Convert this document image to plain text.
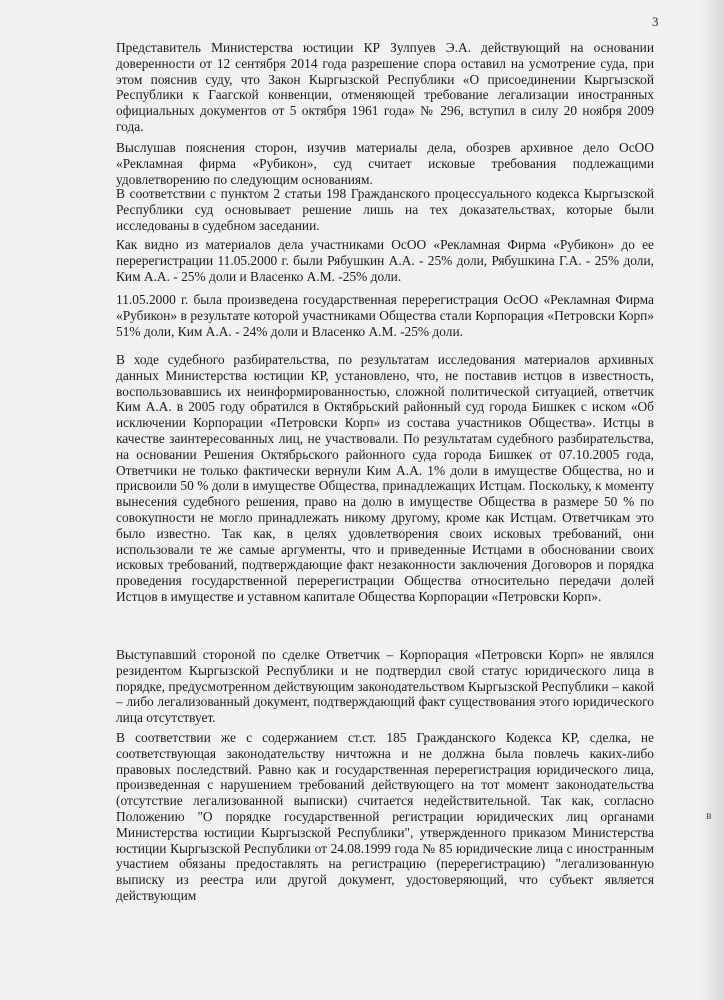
3

Представитель Министерства юстиции КР Зулпуев Э.А. действующий на основании доверенности от 12 сентября 2014 года разрешение спора оставил на усмотрение суда, при этом пояснив суду, что Закон Кыргызской Республики «О присоединении Кыргызской Республики к Гаагской конвенции, отменяющей требование легализации иностранных официальных документов от 5 октября 1961 года» № 296, вступил в силу 20 ноября 2009 года.

Выслушав пояснения сторон, изучив материалы дела, обозрев архивное дело ОсОО «Рекламная фирма «Рубикон», суд считает исковые требования подлежащими удовлетворению по следующим основаниям.

В соответствии с пунктом 2 статьи 198 Гражданского процессуального кодекса Кыргызской Республики суд основывает решение лишь на тех доказательствах, которые были исследованы в судебном заседании.

Как видно из материалов дела участниками ОсОО «Рекламная Фирма «Рубикон» до ее перерегистрации 11.05.2000 г. были Рябушкин А.А. - 25% доли, Рябушкина Г.А. - 25% доли, Ким А.А. - 25% доли и Власенко А.М. -25% доли.

11.05.2000 г. была произведена государственная перерегистрация ОсОО «Рекламная Фирма «Рубикон» в результате которой участниками Общества стали Корпорация «Петровски Корп» 51% доли, Ким А.А. - 24% доли и Власенко А.М. -25% доли.

В ходе судебного разбирательства, по результатам исследования материалов архивных данных Министерства юстиции КР, установлено, что, не поставив истцов в известность, воспользовавшись их неинформированностью, сложной политической ситуацией, ответчик Ким А.А. в 2005 году обратился в Октябрьский районный суд города Бишкек с иском «Об исключении Корпорации «Петровски Корп» из состава участников Общества». Истцы в качестве заинтересованных лиц, не участвовали. По результатам судебного разбирательства, на основании Решения Октябрьского районного суда города Бишкек от 07.10.2005 года, Ответчики не только фактически вернули Ким А.А. 1% доли в имуществе Общества, но и присвоили 50 % доли в имуществе Общества, принадлежащих Истцам. Поскольку, к моменту вынесения судебного решения, право на долю в имуществе Общества в размере 50 % по совокупности не могло принадлежать никому другому, кроме как Истцам. Ответчикам это было известно. Так как, в целях удовлетворения своих исковых требований, они использовали те же самые аргументы, что и приведенные Истцами в обосновании своих исковых требований, подтверждающие факт незаконности заключения Договоров и порядка проведения государственной перерегистрации Общества относительно передачи долей Истцов в имуществе и уставном капитале Общества Корпорации «Петровски Корп».

Выступавший стороной по сделке Ответчик – Корпорация «Петровски Корп» не являлся резидентом Кыргызской Республики и не подтвердил свой статус юридического лица в порядке, предусмотренном действующим законодательством Кыргызской Республики – какой – либо легализованный документ, подтверждающий факт существования этого юридического лица отсутствует.

В соответствии же с содержанием ст.ст. 185 Гражданского Кодекса КР, сделка, не соответствующая законодательству ничтожна и не должна была повлечь каких-либо правовых последствий. Равно как и государственная перерегистрация юридического лица, произведенная с нарушением требований действующего на тот момент законодательства (отсутствие легализованной выписки) считается недействительной. Так как, согласно Положению "О порядке государственной регистрации юридических лиц органами Министерства юстиции Кыргызской Республики", утвержденного приказом Министерства юстиции Кыргызской Республики от 24.08.1999 года № 85 юридические лица с иностранным участием обязаны предоставлять на регистрацию (перерегистрацию) "легализованную выписку из реестра или другой документ, удостоверяющий, что субъект является действующим

в
